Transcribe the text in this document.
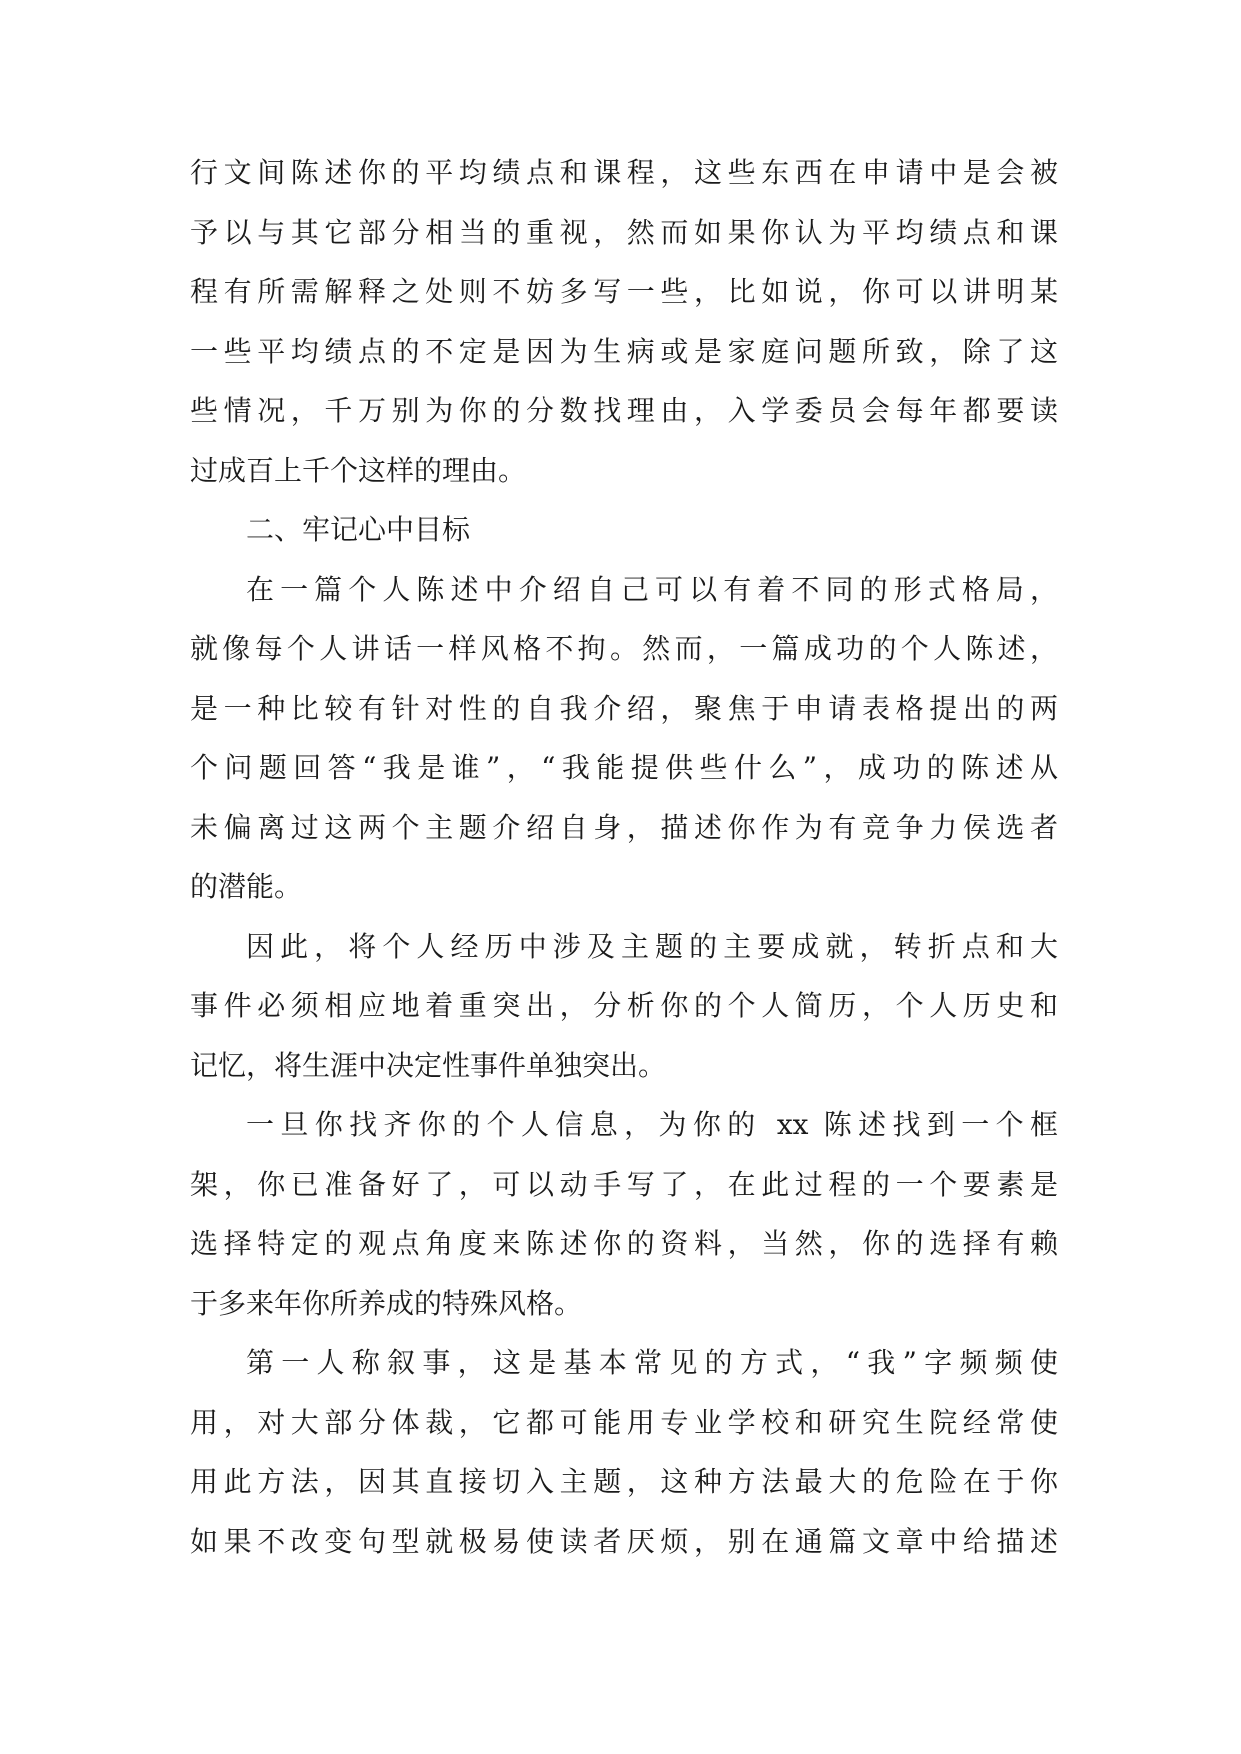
行文间陈述你的平均绩点和课程，这些东西在申请中是会被
予以与其它部分相当的重视，然而如果你认为平均绩点和课
程有所需解释之处则不妨多写一些，比如说，你可以讲明某
一些平均绩点的不定是因为生病或是家庭问题所致，除了这
些情况，千万别为你的分数找理由，入学委员会每年都要读
过成百上千个这样的理由。
二、牢记心中目标
在一篇个人陈述中介绍自己可以有着不同的形式格局，
就像每个人讲话一样风格不拘。然而，一篇成功的个人陈述，
是一种比较有针对性的自我介绍，聚焦于申请表格提出的两
个问题回答“我是谁”，“我能提供些什么”，成功的陈述从
未偏离过这两个主题介绍自身，描述你作为有竞争力侯选者
的潜能。
因此，将个人经历中涉及主题的主要成就，转折点和大
事件必须相应地着重突出，分析你的个人简历，个人历史和
记忆，将生涯中决定性事件单独突出。
一旦你找齐你的个人信息，为你的 xx 陈述找到一个框
架，你已准备好了，可以动手写了，在此过程的一个要素是
选择特定的观点角度来陈述你的资料，当然，你的选择有赖
于多来年你所养成的特殊风格。
第一人称叙事，这是基本常见的方式，“我”字频频使
用，对大部分体裁，它都可能用专业学校和研究生院经常使
用此方法，因其直接切入主题，这种方法最大的危险在于你
如果不改变句型就极易使读者厌烦，别在通篇文章中给描述
